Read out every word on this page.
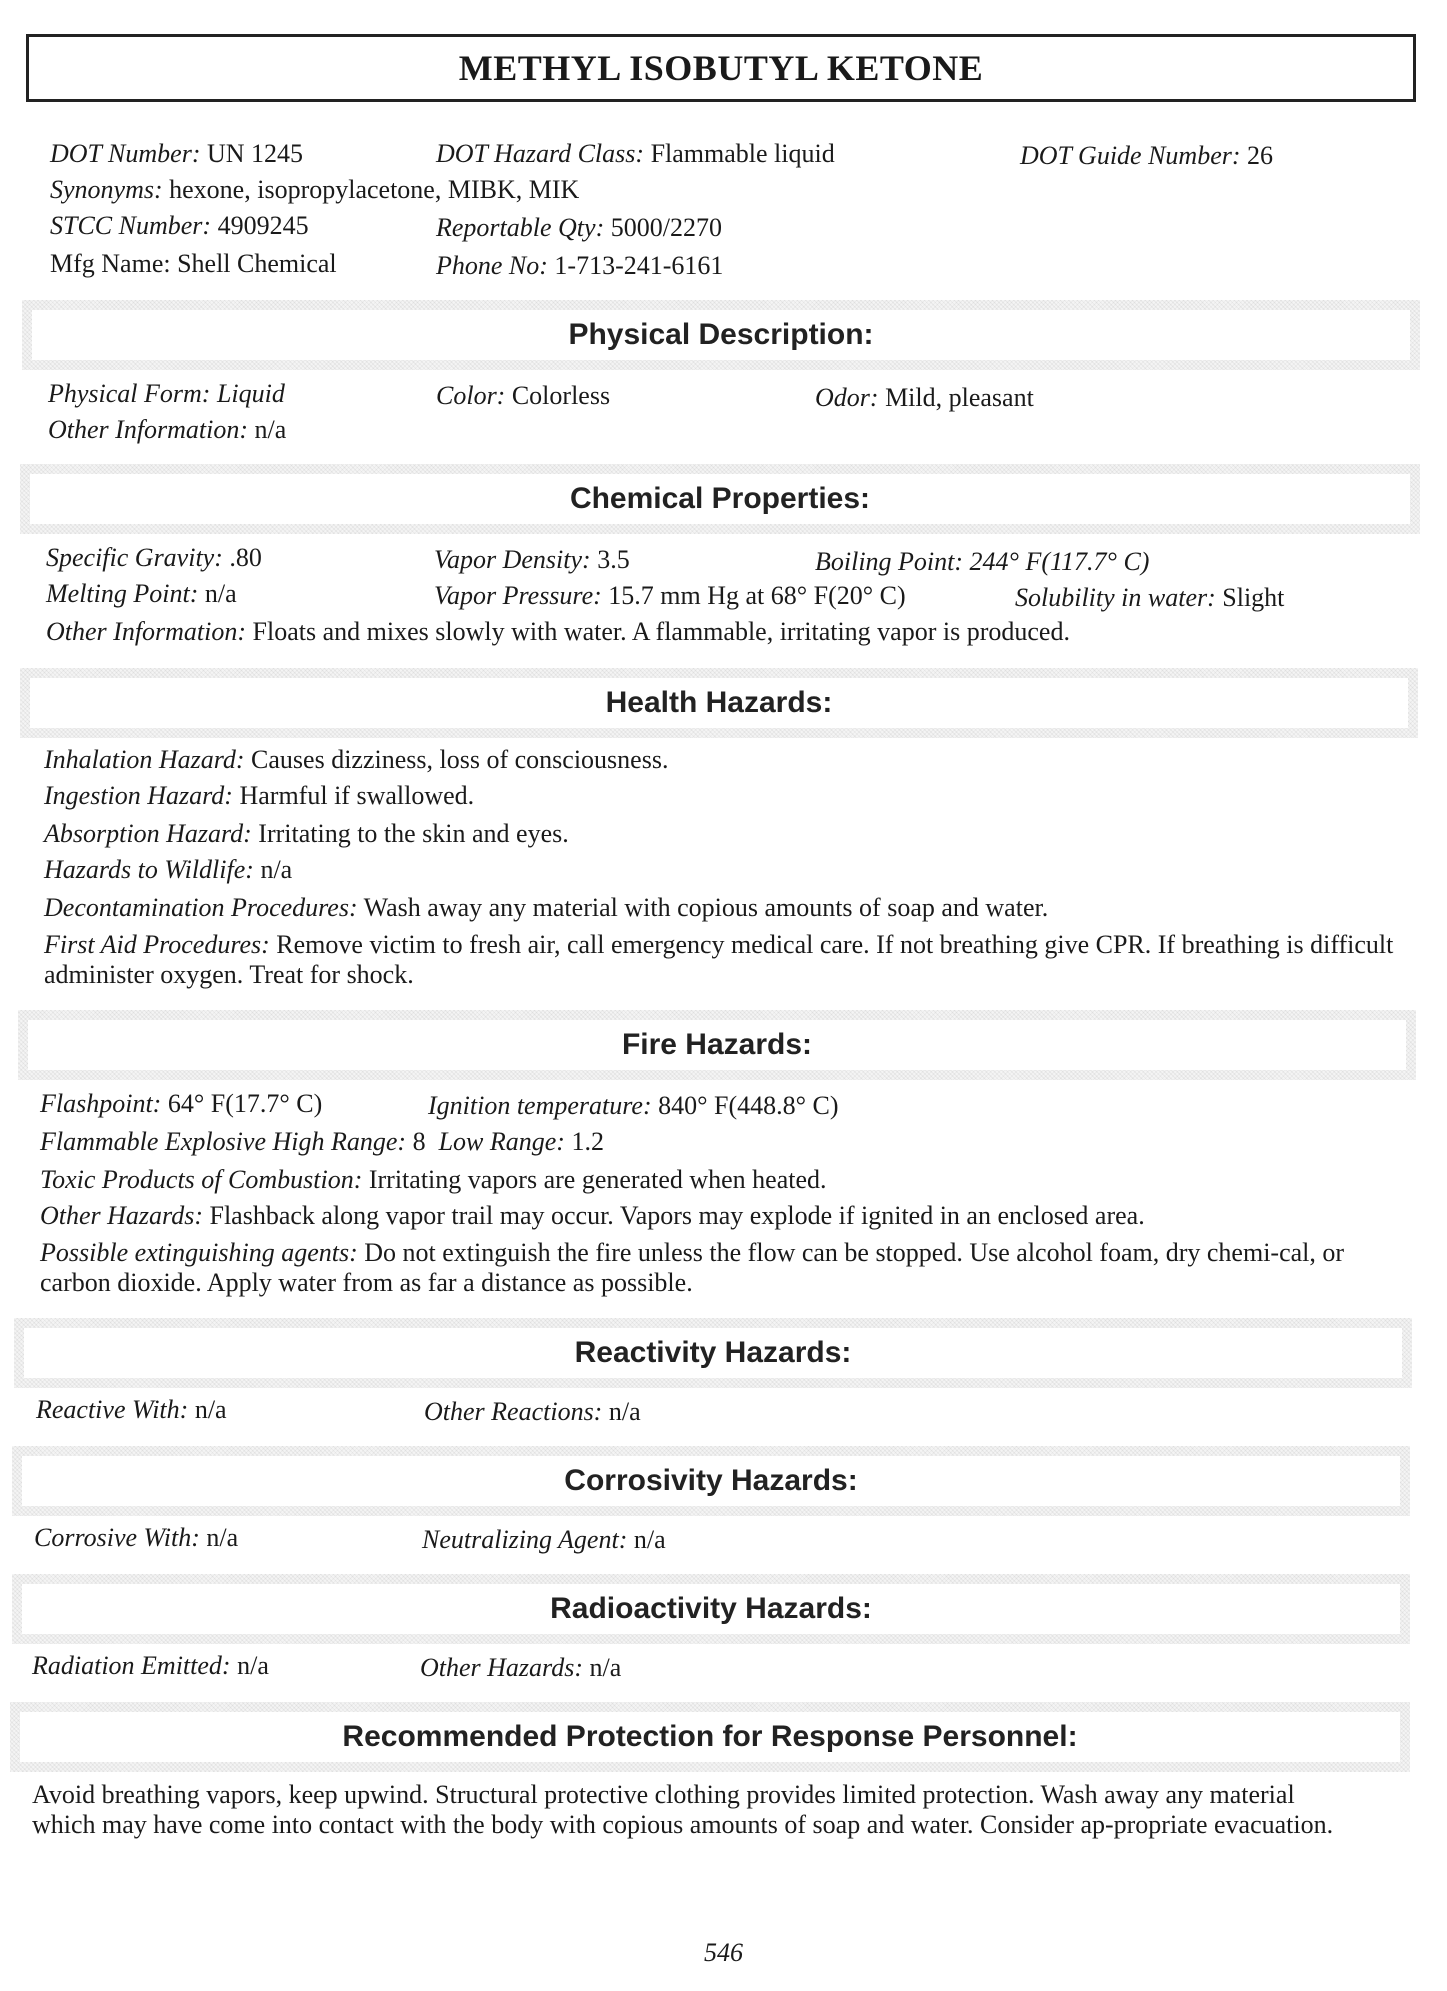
METHYL ISOBUTYL KETONE
DOT Number: UN 1245	DOT Hazard Class: Flammable liquid	DOT Guide Number: 26
Synonyms: hexone, isopropylacetone, MIBK, MIK
STCC Number: 4909245	Reportable Qty: 5000/2270
Mfg Name: Shell Chemical	Phone No: 1-713-241-6161
Physical Description:
Physical Form: Liquid	Color: Colorless	Odor: Mild, pleasant
Other Information: n/a
Chemical Properties:
Specific Gravity: .80	Vapor Density: 3.5	Boiling Point: 244° F(117.7° C)
Melting Point: n/a	Vapor Pressure: 15.7 mm Hg at 68° F(20° C)	Solubility in water: Slight
Other Information: Floats and mixes slowly with water. A flammable, irritating vapor is produced.
Health Hazards:
Inhalation Hazard: Causes dizziness, loss of consciousness.
Ingestion Hazard: Harmful if swallowed.
Absorption Hazard: Irritating to the skin and eyes.
Hazards to Wildlife: n/a
Decontamination Procedures: Wash away any material with copious amounts of soap and water.
First Aid Procedures: Remove victim to fresh air, call emergency medical care. If not breathing give CPR. If breathing is difficult administer oxygen. Treat for shock.
Fire Hazards:
Flashpoint: 64° F(17.7° C)	Ignition temperature: 840° F(448.8° C)
Flammable Explosive High Range: 8 Low Range: 1.2
Toxic Products of Combustion: Irritating vapors are generated when heated.
Other Hazards: Flashback along vapor trail may occur. Vapors may explode if ignited in an enclosed area.
Possible extinguishing agents: Do not extinguish the fire unless the flow can be stopped. Use alcohol foam, dry chemi-cal, or carbon dioxide. Apply water from as far a distance as possible.
Reactivity Hazards:
Reactive With: n/a	Other Reactions: n/a
Corrosivity Hazards:
Corrosive With: n/a	Neutralizing Agent: n/a
Radioactivity Hazards:
Radiation Emitted: n/a	Other Hazards: n/a
Recommended Protection for Response Personnel:
Avoid breathing vapors, keep upwind. Structural protective clothing provides limited protection. Wash away any material which may have come into contact with the body with copious amounts of soap and water. Consider ap-propriate evacuation.
546
